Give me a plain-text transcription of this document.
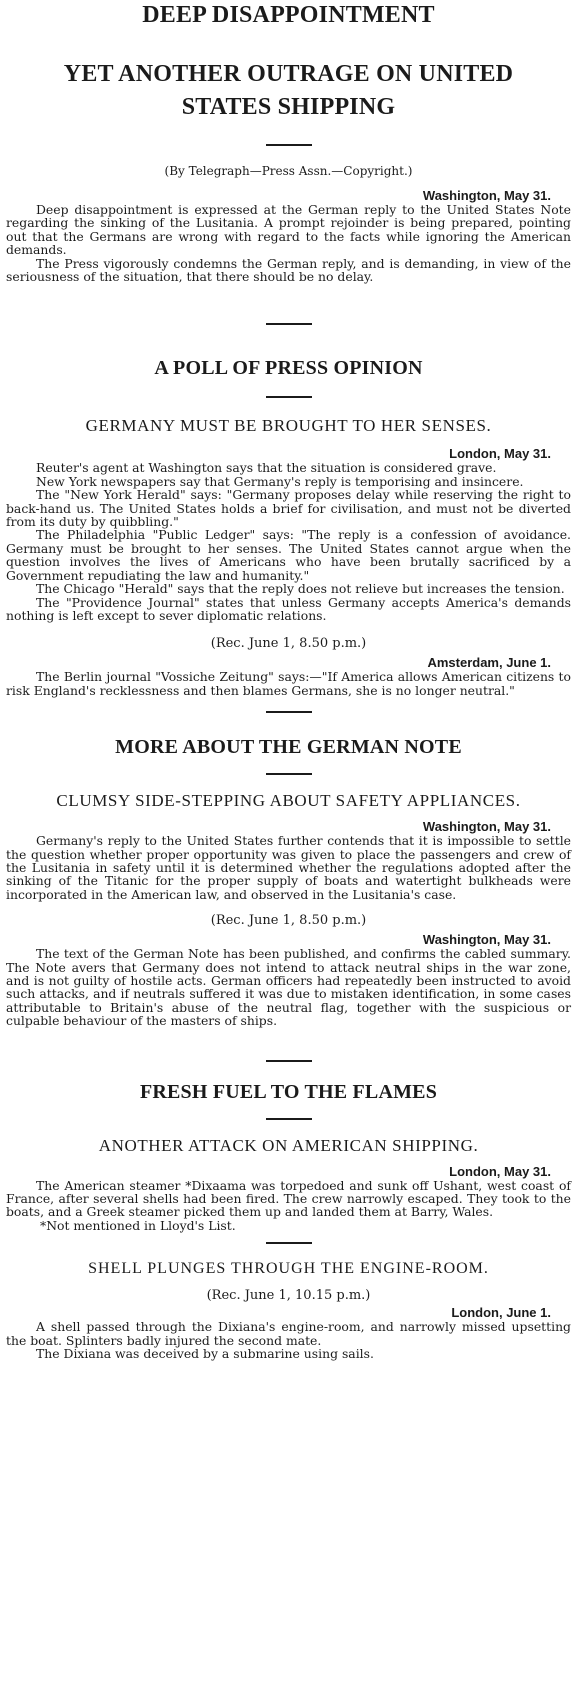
DEEP DISAPPOINTMENT
YET ANOTHER OUTRAGE ON UNITED STATES SHIPPING

(By Telegraph—Press Assn.—Copyright.)

Washington, May 31.

Deep disappointment is expressed at the German reply to the United States Note regarding the sinking of the Lusitania. A prompt rejoinder is being prepared, pointing out that the Germans are wrong with regard to the facts while ignoring the American demands.

The Press vigorously condemns the German reply, and is demanding, in view of the seriousness of the situation, that there should be no delay.

A POLL OF PRESS OPINION

GERMANY MUST BE BROUGHT TO HER SENSES.

London, May 31.

Reuter's agent at Washington says that the situation is considered grave.

New York newspapers say that Germany's reply is temporising and insincere.

The "New York Herald" says: "Germany proposes delay while reserving the right to back-hand us. The United States holds a brief for civilisation, and must not be diverted from its duty by quibbling."

The Philadelphia "Public Ledger" says: "The reply is a confession of avoidance. Germany must be brought to her senses. The United States cannot argue when the question involves the lives of Americans who have been brutally sacrificed by a Government repudiating the law and humanity."

The Chicago "Herald" says that the reply does not relieve but increases the tension.

The "Providence Journal" states that unless Germany accepts America's demands nothing is left except to sever diplomatic relations.

(Rec. June 1, 8.50 p.m.)

Amsterdam, June 1.

The Berlin journal "Vossiche Zeitung" says:—"If America allows American citizens to risk England's recklessness and then blames Germans, she is no longer neutral."

MORE ABOUT THE GERMAN NOTE

CLUMSY SIDE-STEPPING ABOUT SAFETY APPLIANCES.

Washington, May 31.

Germany's reply to the United States further contends that it is impossible to settle the question whether proper opportunity was given to place the passengers and crew of the Lusitania in safety until it is determined whether the regulations adopted after the sinking of the Titanic for the proper supply of boats and watertight bulkheads were incorporated in the American law, and observed in the Lusitania's case.

(Rec. June 1, 8.50 p.m.)

Washington, May 31.

The text of the German Note has been published, and confirms the cabled summary. The Note avers that Germany does not intend to attack neutral ships in the war zone, and is not guilty of hostile acts. German officers had repeatedly been instructed to avoid such attacks, and if neutrals suffered it was due to mistaken identification, in some cases attributable to Britain's abuse of the neutral flag, together with the suspicious or culpable behaviour of the masters of ships.

FRESH FUEL TO THE FLAMES

ANOTHER ATTACK ON AMERICAN SHIPPING.

London, May 31.

The American steamer *Dixaama was torpedoed and sunk off Ushant, west coast of France, after several shells had been fired. The crew narrowly escaped. They took to the boats, and a Greek steamer picked them up and landed them at Barry, Wales.

*Not mentioned in Lloyd's List.

SHELL PLUNGES THROUGH THE ENGINE-ROOM.

(Rec. June 1, 10.15 p.m.)

London, June 1.

A shell passed through the Dixiana's engine-room, and narrowly missed upsetting the boat. Splinters badly injured the second mate.

The Dixiana was deceived by a submarine using sails.
